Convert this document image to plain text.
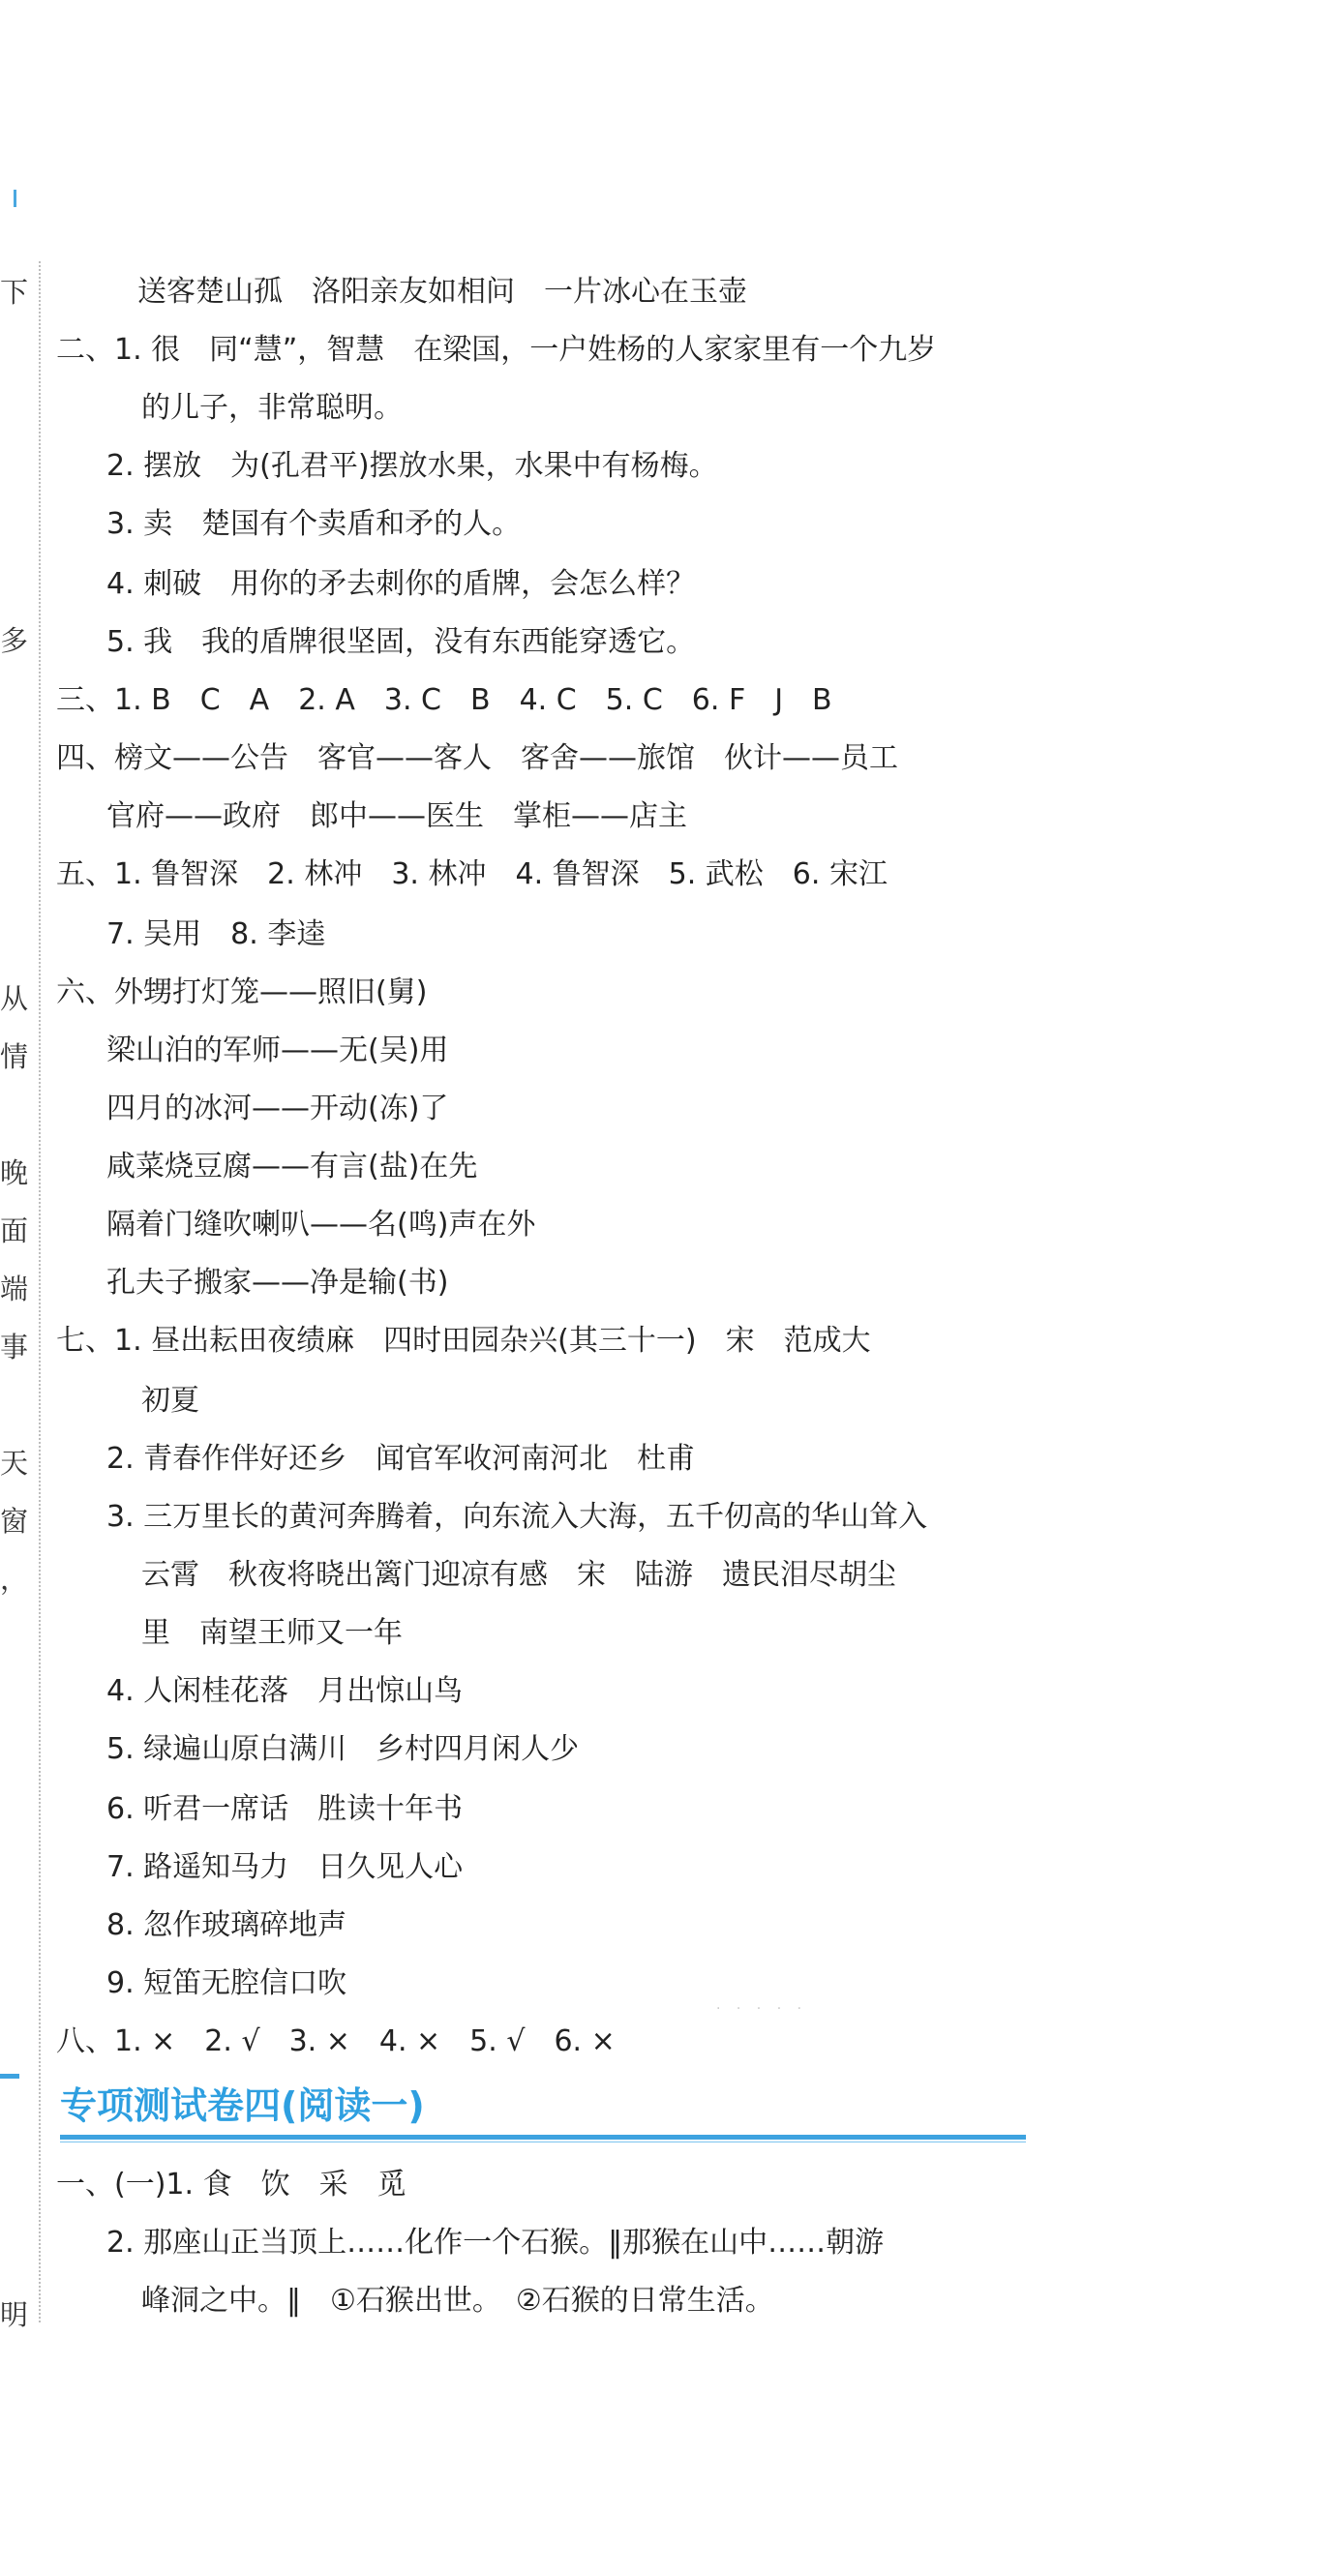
下
多
从
情
晚
面
端
事
天
窗
，
明
送客楚山孤　洛阳亲友如相问　一片冰心在玉壶
二、1. 很　同“慧”，智慧　在梁国，一户姓杨的人家家里有一个九岁
的儿子，非常聪明。
2. 摆放　为(孔君平)摆放水果，水果中有杨梅。
3. 卖　楚国有个卖盾和矛的人。
4. 刺破　用你的矛去刺你的盾牌，会怎么样？
5. 我　我的盾牌很坚固，没有东西能穿透它。
三、1. B　C　A　2. A　3. C　B　4. C　5. C　6. F　J　B
四、榜文——公告　客官——客人　客舍——旅馆　伙计——员工
官府——政府　郎中——医生　掌柜——店主
五、1. 鲁智深　2. 林冲　3. 林冲　4. 鲁智深　5. 武松　6. 宋江
7. 吴用　8. 李逵
六、外甥打灯笼——照旧(舅)
梁山泊的军师——无(吴)用
四月的冰河——开动(冻)了
咸菜烧豆腐——有言(盐)在先
隔着门缝吹喇叭——名(鸣)声在外
孔夫子搬家——净是输(书)
七、1. 昼出耘田夜绩麻　四时田园杂兴(其三十一)　宋　范成大
初夏
2. 青春作伴好还乡　闻官军收河南河北　杜甫
3. 三万里长的黄河奔腾着，向东流入大海，五千仞高的华山耸入
云霄　秋夜将晓出篱门迎凉有感　宋　陆游　遗民泪尽胡尘
里　南望王师又一年
4. 人闲桂花落　月出惊山鸟
5. 绿遍山原白满川　乡村四月闲人少
6. 听君一席话　胜读十年书
7. 路遥知马力　日久见人心
8. 忽作玻璃碎地声
9. 短笛无腔信口吹
八、1. ×　2. √　3. ×　4. ×　5. √　6. ×
· · · · ·
专项测试卷四(阅读一)
一、(一)1. 食　饮　采　觅
2. 那座山正当顶上……化作一个石猴。‖那猴在山中……朝游
峰洞之中。‖　①石猴出世。　②石猴的日常生活。
